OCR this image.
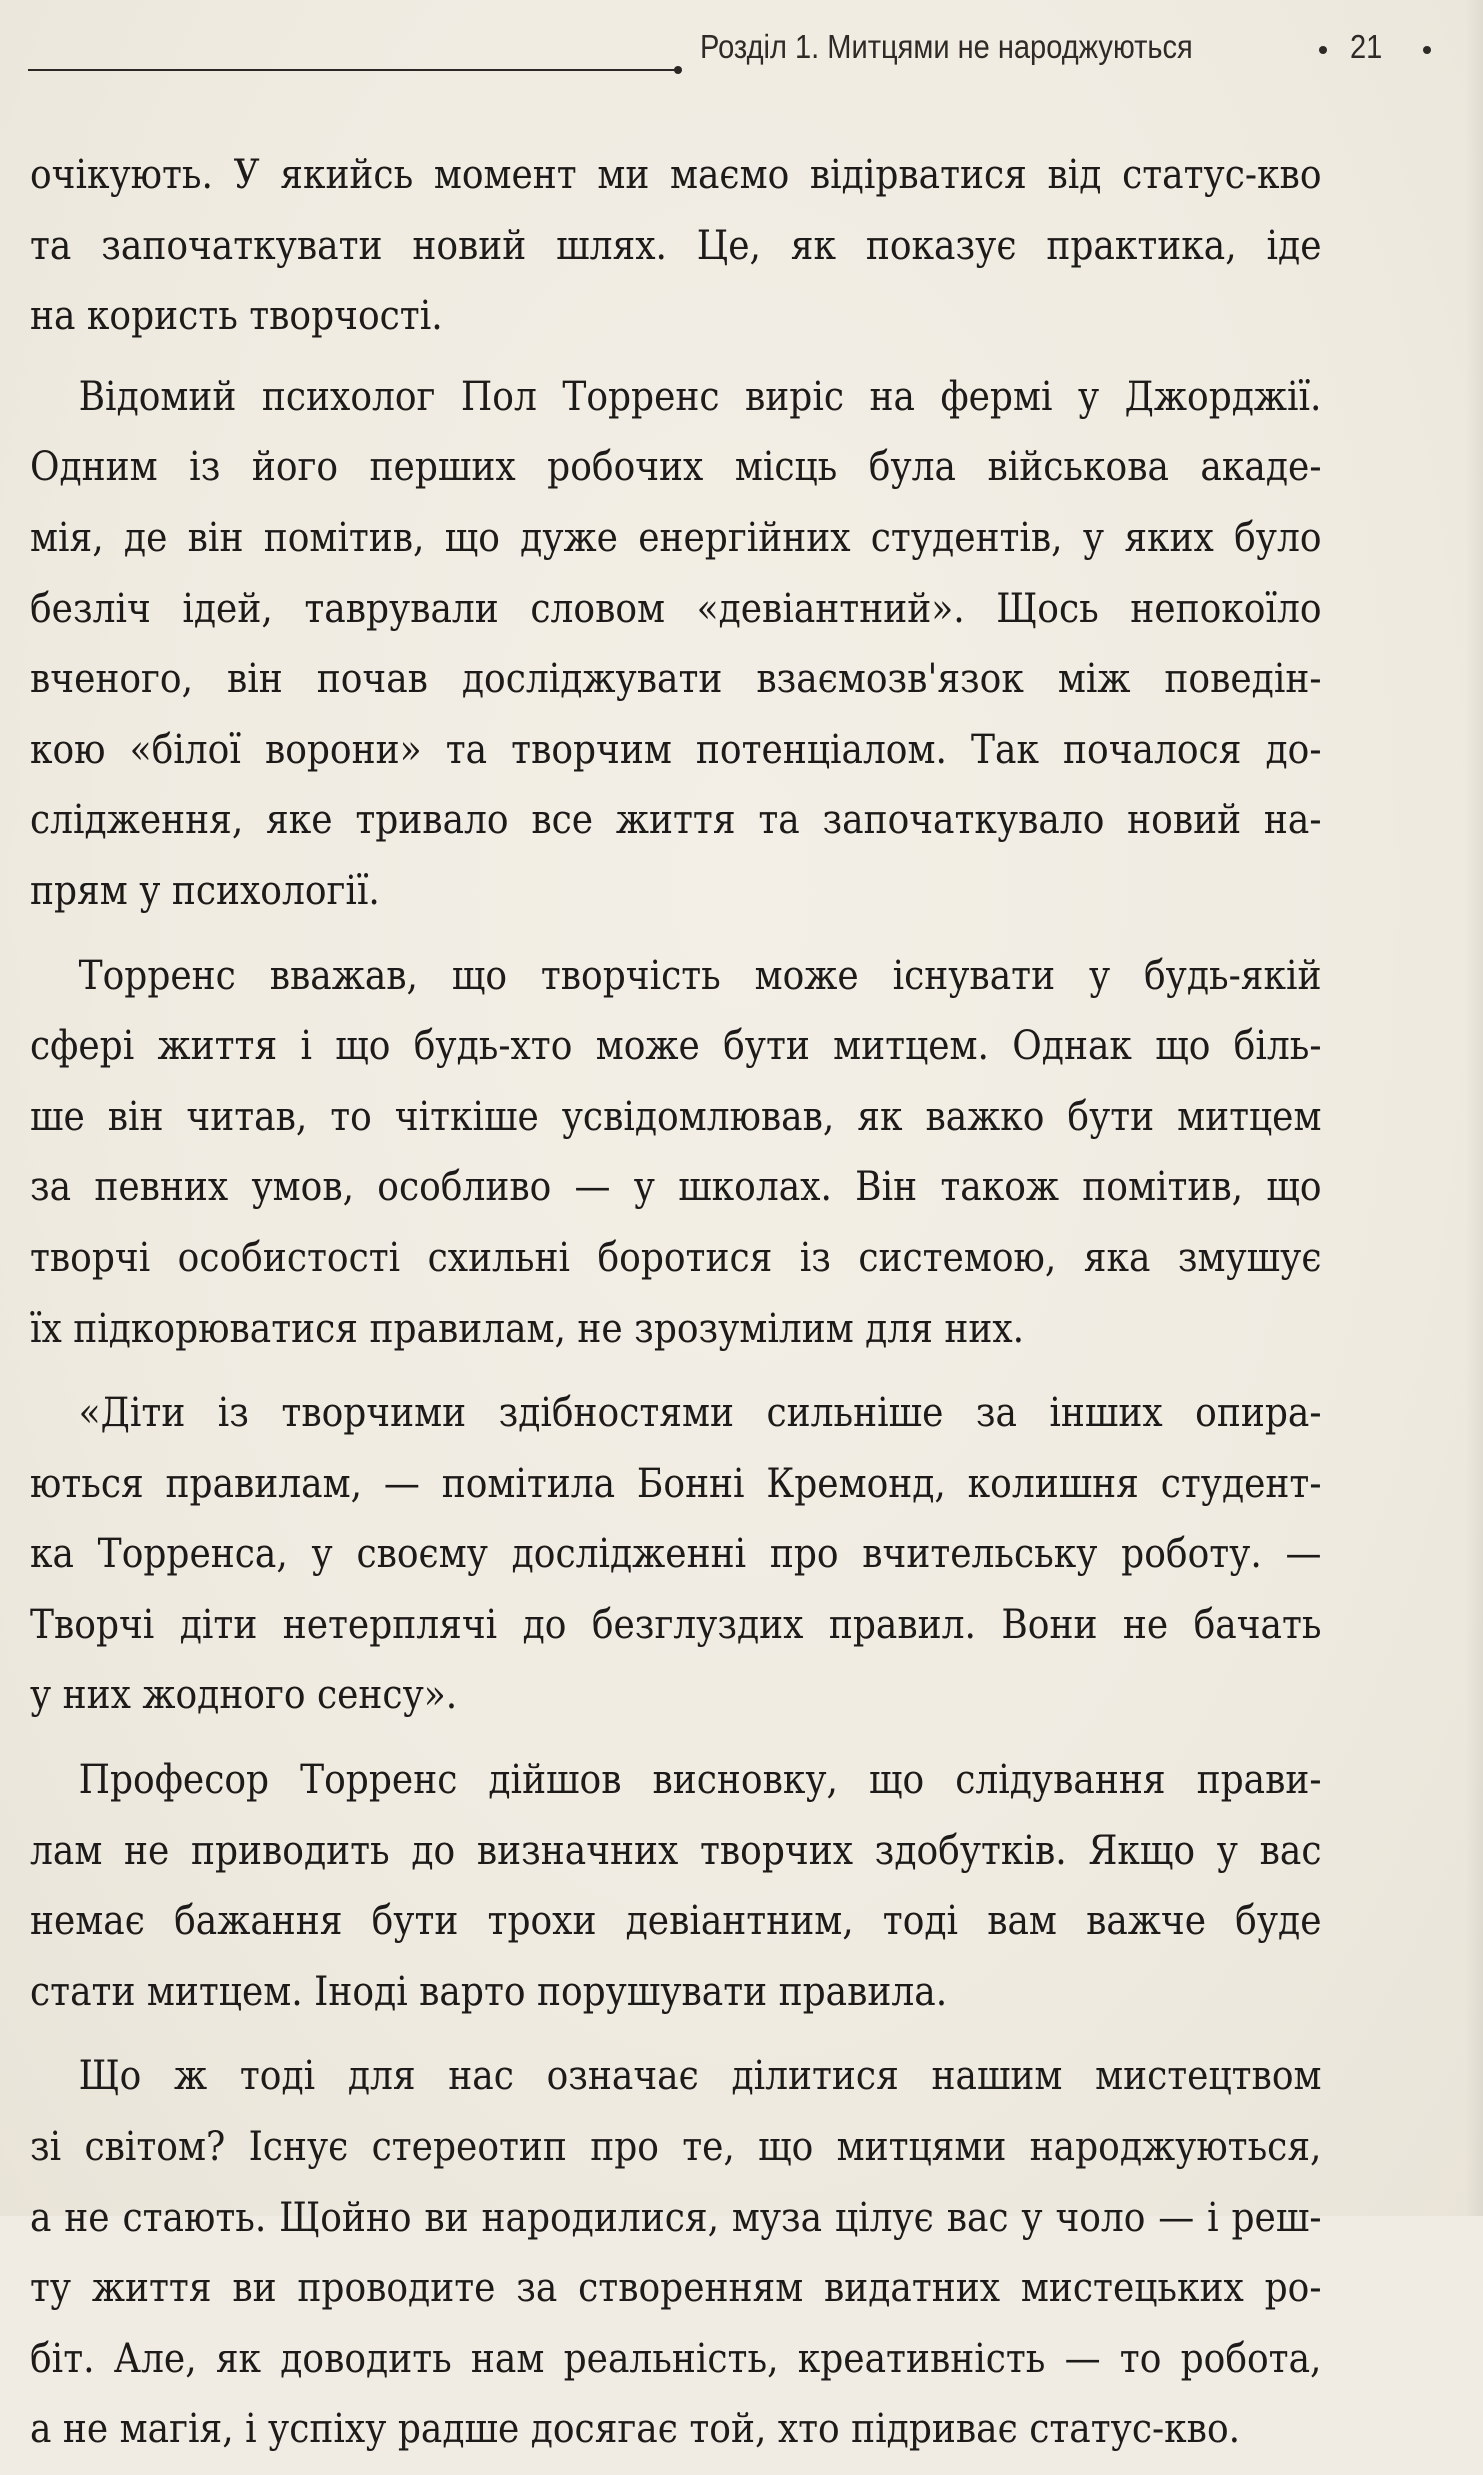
Розділ 1. Митцями не народжуються	21
очікують. У якийсь момент ми маємо відірватися від статус-кво
та започаткувати новий шлях. Це, як показує практика, іде
на користь творчості.
Відомий психолог Пол Торренс виріс на фермі у Джорджії.
Одним із його перших робочих місць була військова акаде-
мія, де він помітив, що дуже енергійних студентів, у яких було
безліч ідей, таврували словом «девіантний». Щось непокоїло
вченого, він почав досліджувати взаємозв'язок між поведін-
кою «білої ворони» та творчим потенціалом. Так почалося до-
слідження, яке тривало все життя та започаткувало новий на-
прям у психології.
Торренс вважав, що творчість може існувати у будь-якій
сфері життя і що будь-хто може бути митцем. Однак що біль-
ше він читав, то чіткіше усвідомлював, як важко бути митцем
за певних умов, особливо — у школах. Він також помітив, що
творчі особистості схильні боротися із системою, яка змушує
їх підкорюватися правилам, не зрозумілим для них.
«Діти із творчими здібностями сильніше за інших опира-
ються правилам, — помітила Бонні Кремонд, колишня студент-
ка Торренса, у своєму дослідженні про вчительську роботу. —
Творчі діти нетерплячі до безглуздих правил. Вони не бачать
у них жодного сенсу».
Професор Торренс дійшов висновку, що слідування прави-
лам не приводить до визначних творчих здобутків. Якщо у вас
немає бажання бути трохи девіантним, тоді вам важче буде
стати митцем. Іноді варто порушувати правила.
Що ж тоді для нас означає ділитися нашим мистецтвом
зі світом? Існує стереотип про те, що митцями народжуються,
а не стають. Щойно ви народилися, муза цілує вас у чоло — і реш-
ту життя ви проводите за створенням видатних мистецьких ро-
біт. Але, як доводить нам реальність, креативність — то робота,
а не магія, і успіху радше досягає той, хто підриває статус-кво.
